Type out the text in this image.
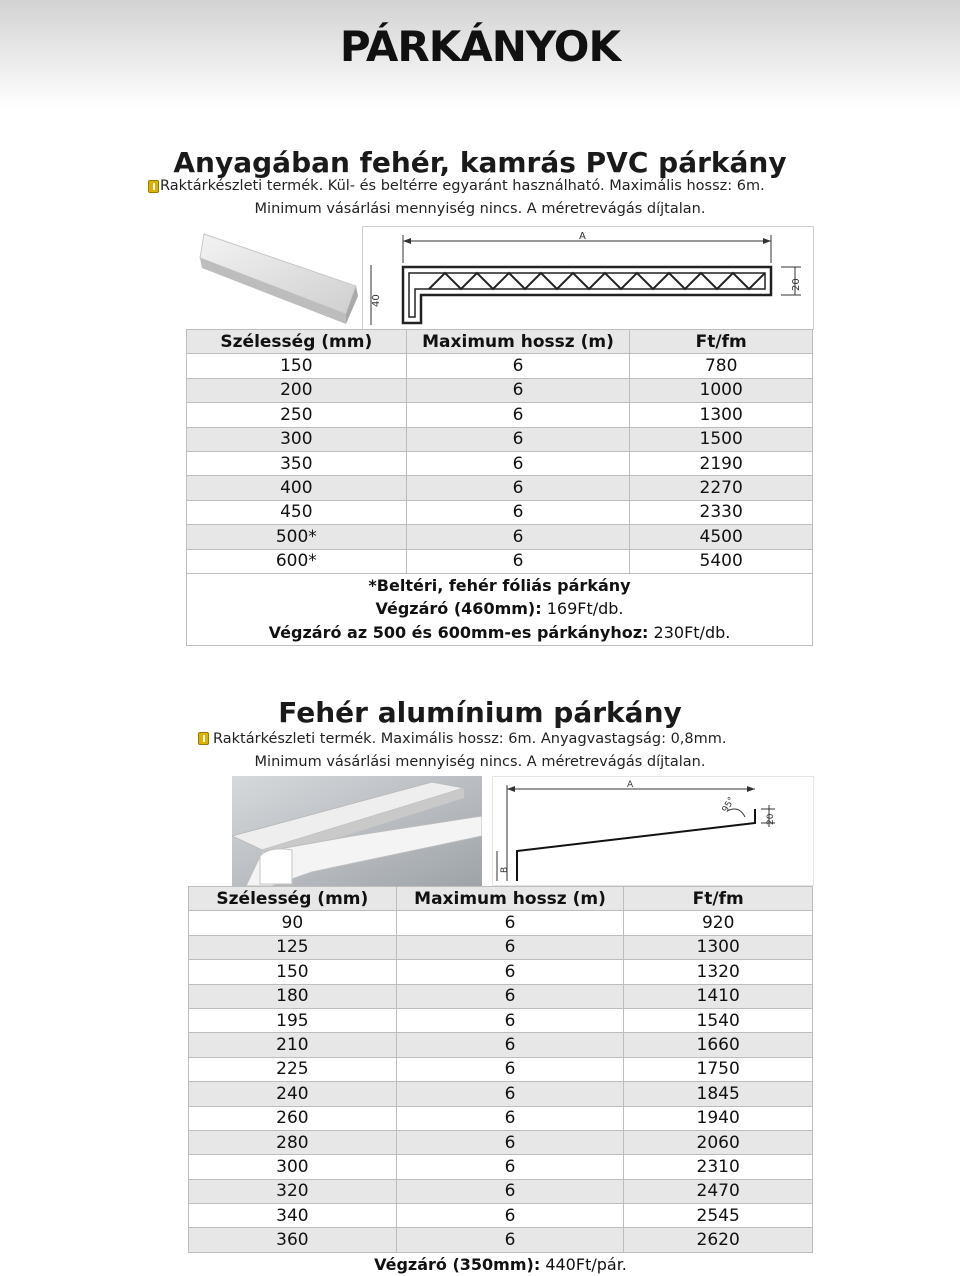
PÁRKÁNYOK
Anyagában fehér, kamrás PVC párkány
Raktárkészleti termék. Kül- és beltérre egyaránt használható. Maximális hossz: 6m.
Minimum vásárlási mennyiség nincs. A méretrevágás díjtalan.
A
40
20
Szélesség (mm)	Maximum hossz (m)	Ft/fm
150	6	780
200	6	1000
250	6	1300
300	6	1500
350	6	2190
400	6	2270
450	6	2330
500*	6	4500
600*	6	5400
*Beltéri, fehér fóliás párkány		
Végzáró (460mm): 169Ft/db.		
Végzáró az 500 és 600mm-es párkányhoz: 230Ft/db.		
Fehér alumínium párkány
Raktárkészleti termék. Maximális hossz: 6m. Anyagvastagság: 0,8mm.
Minimum vásárlási mennyiség nincs. A méretrevágás díjtalan.
A
B
95°
20
Szélesség (mm)	Maximum hossz (m)	Ft/fm
90	6	920
125	6	1300
150	6	1320
180	6	1410
195	6	1540
210	6	1660
225	6	1750
240	6	1845
260	6	1940
280	6	2060
300	6	2310
320	6	2470
340	6	2545
360	6	2620
Végzáró (350mm): 440Ft/pár.		
